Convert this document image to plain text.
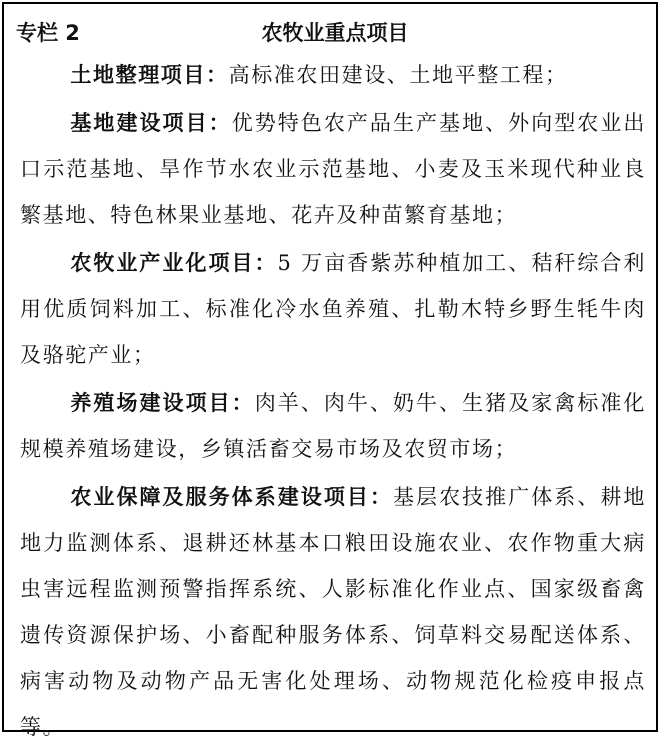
专栏 2	农牧业重点项目

土地整理项目：高标准农田建设、土地平整工程；

基地建设项目：优势特色农产品生产基地、外向型农业出口示范基地、旱作节水农业示范基地、小麦及玉米现代种业良繁基地、特色林果业基地、花卉及种苗繁育基地；

农牧业产业化项目：5 万亩香紫苏种植加工、秸秆综合利用优质饲料加工、标准化冷水鱼养殖、扎勒木特乡野生牦牛肉及骆驼产业；

养殖场建设项目：肉羊、肉牛、奶牛、生猪及家禽标准化规模养殖场建设，乡镇活畜交易市场及农贸市场；

农业保障及服务体系建设项目：基层农技推广体系、耕地地力监测体系、退耕还林基本口粮田设施农业、农作物重大病虫害远程监测预警指挥系统、人影标准化作业点、国家级畜禽遗传资源保护场、小畜配种服务体系、饲草料交易配送体系、病害动物及动物产品无害化处理场、动物规范化检疫申报点等。
